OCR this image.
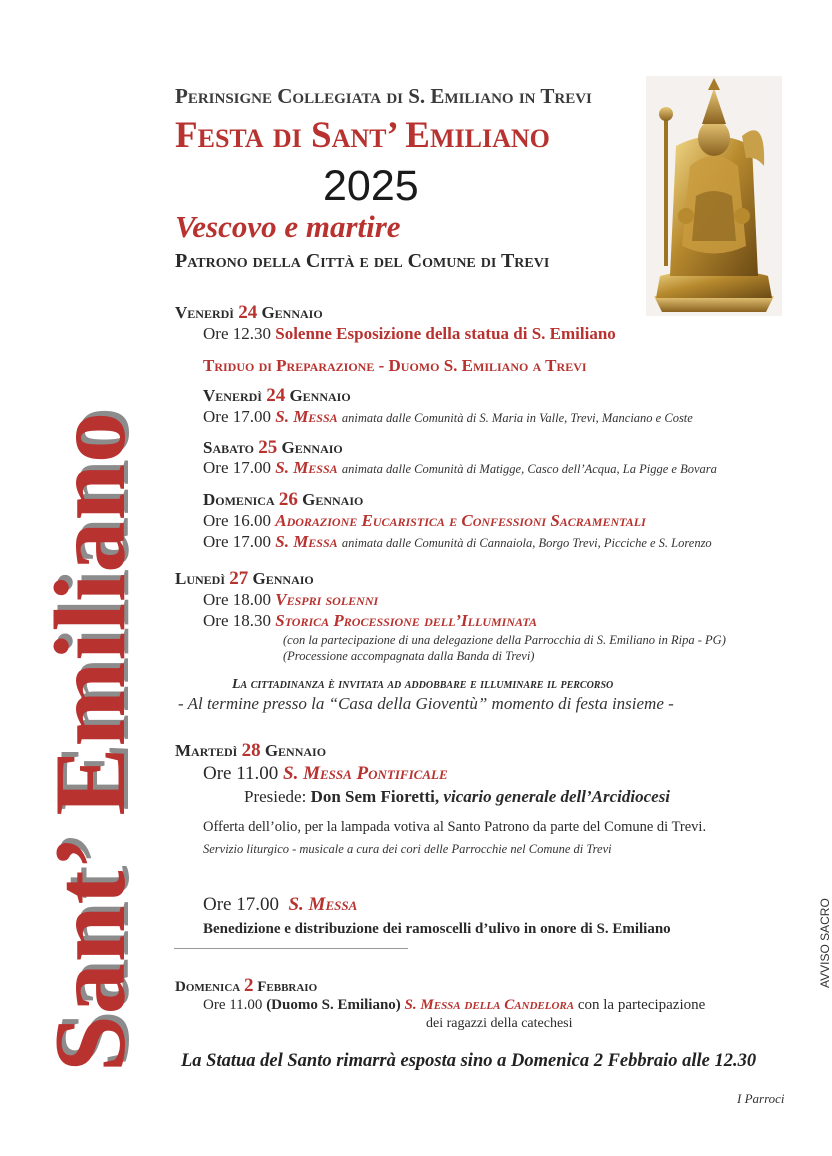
Sant’ Emiliano
Perinsigne Collegiata di S. Emiliano in Trevi
Festa di Sant’ Emiliano
2025
Vescovo e martire
Patrono della Città e del Comune di Trevi
Venerdì 24 Gennaio
Ore 12.30 Solenne Esposizione della statua di S. Emiliano
Triduo di Preparazione - Duomo S. Emiliano a Trevi
Venerdì 24 Gennaio
Ore 17.00 S. Messa animata dalle Comunità di S. Maria in Valle, Trevi, Manciano e Coste
Sabato 25 Gennaio
Ore 17.00 S. Messa animata dalle Comunità di Matigge, Casco dell’Acqua, La Pigge e Bovara
Domenica 26 Gennaio
Ore 16.00 Adorazione Eucaristica e Confessioni Sacramentali
Ore 17.00 S. Messa animata dalle Comunità di Cannaiola, Borgo Trevi, Picciche e S. Lorenzo
Lunedì 27 Gennaio
Ore 18.00 Vespri solenni
Ore 18.30 Storica Processione dell’Illuminata
(con la partecipazione di una delegazione della Parrocchia di S. Emiliano in Ripa - PG)
(Processione accompagnata dalla Banda di Trevi)
La cittadinanza è invitata ad addobbare e illuminare il percorso
- Al termine presso la “Casa della Gioventù” momento di festa insieme -
Martedì 28 Gennaio
Ore 11.00 S. Messa Pontificale
Presiede: Don Sem Fioretti, vicario generale dell’Arcidiocesi
Offerta dell’olio, per la lampada votiva al Santo Patrono da parte del Comune di Trevi.
Servizio liturgico - musicale a cura dei cori delle Parrocchie nel Comune di Trevi
Ore 17.00 S. Messa
Benedizione e distribuzione dei ramoscelli d’ulivo in onore di S. Emiliano
Domenica 2 Febbraio
Ore 11.00 (Duomo S. Emiliano) S. Messa della Candelora con la partecipazione
dei ragazzi della catechesi
La Statua del Santo rimarrà esposta sino a Domenica 2 Febbraio alle 12.30
I Parroci
AVVISO SACRO
